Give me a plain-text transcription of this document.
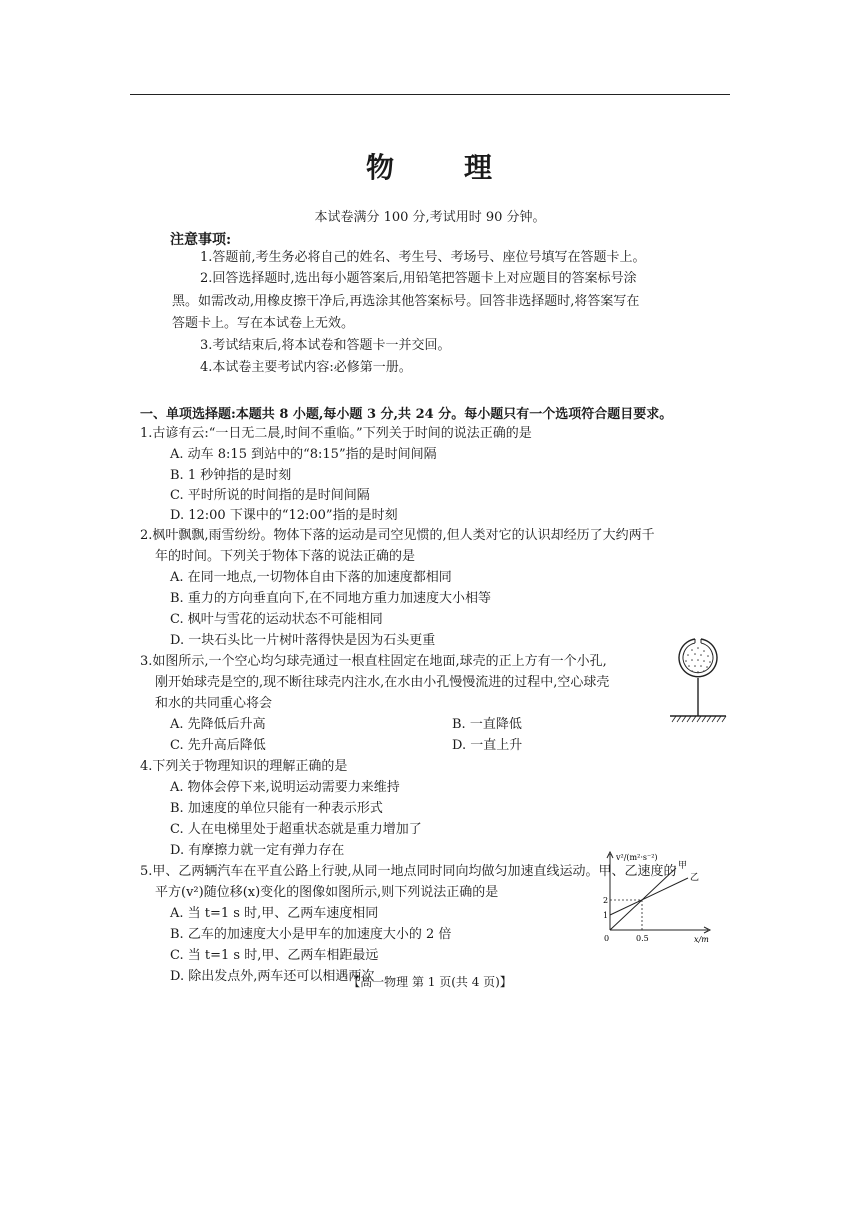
物 理
本试卷满分 100 分,考试用时 90 分钟。
注意事项:
1.答题前,考生务必将自己的姓名、考生号、考场号、座位号填写在答题卡上。
2.回答选择题时,选出每小题答案后,用铅笔把答题卡上对应题目的答案标号涂
黑。如需改动,用橡皮擦干净后,再选涂其他答案标号。回答非选择题时,将答案写在
答题卡上。写在本试卷上无效。
3.考试结束后,将本试卷和答题卡一并交回。
4.本试卷主要考试内容:必修第一册。
一、单项选择题:本题共 8 小题,每小题 3 分,共 24 分。每小题只有一个选项符合题目要求。
1.古谚有云:“一日无二晨,时间不重临。”下列关于时间的说法正确的是
A. 动车 8:15 到站中的“8:15”指的是时间间隔
B. 1 秒钟指的是时刻
C. 平时所说的时间指的是时间间隔
D. 12:00 下课中的“12:00”指的是时刻
2.枫叶飘飘,雨雪纷纷。物体下落的运动是司空见惯的,但人类对它的认识却经历了大约两千
年的时间。下列关于物体下落的说法正确的是
A. 在同一地点,一切物体自由下落的加速度都相同
B. 重力的方向垂直向下,在不同地方重力加速度大小相等
C. 枫叶与雪花的运动状态不可能相同
D. 一块石头比一片树叶落得快是因为石头更重
3.如图所示,一个空心均匀球壳通过一根直柱固定在地面,球壳的正上方有一个小孔,
刚开始球壳是空的,现不断往球壳内注水,在水由小孔慢慢流进的过程中,空心球壳
和水的共同重心将会
A. 先降低后升高	B. 一直降低
C. 先升高后降低	D. 一直上升
4.下列关于物理知识的理解正确的是
A. 物体会停下来,说明运动需要力来维持
B. 加速度的单位只能有一种表示形式
C. 人在电梯里处于超重状态就是重力增加了
D. 有摩擦力就一定有弹力存在
5.甲、乙两辆汽车在平直公路上行驶,从同一地点同时同向均做匀加速直线运动。甲、乙速度的
平方(v²)随位移(x)变化的图像如图所示,则下列说法正确的是
A. 当 t=1 s 时,甲、乙两车速度相同
B. 乙车的加速度大小是甲车的加速度大小的 2 倍
C. 当 t=1 s 时,甲、乙两车相距最远
D. 除出发点外,两车还可以相遇两次
v²/(m²·s⁻²)
x/m
0
2
1
0.5
甲
乙
【高一物理 第 1 页(共 4 页)】
